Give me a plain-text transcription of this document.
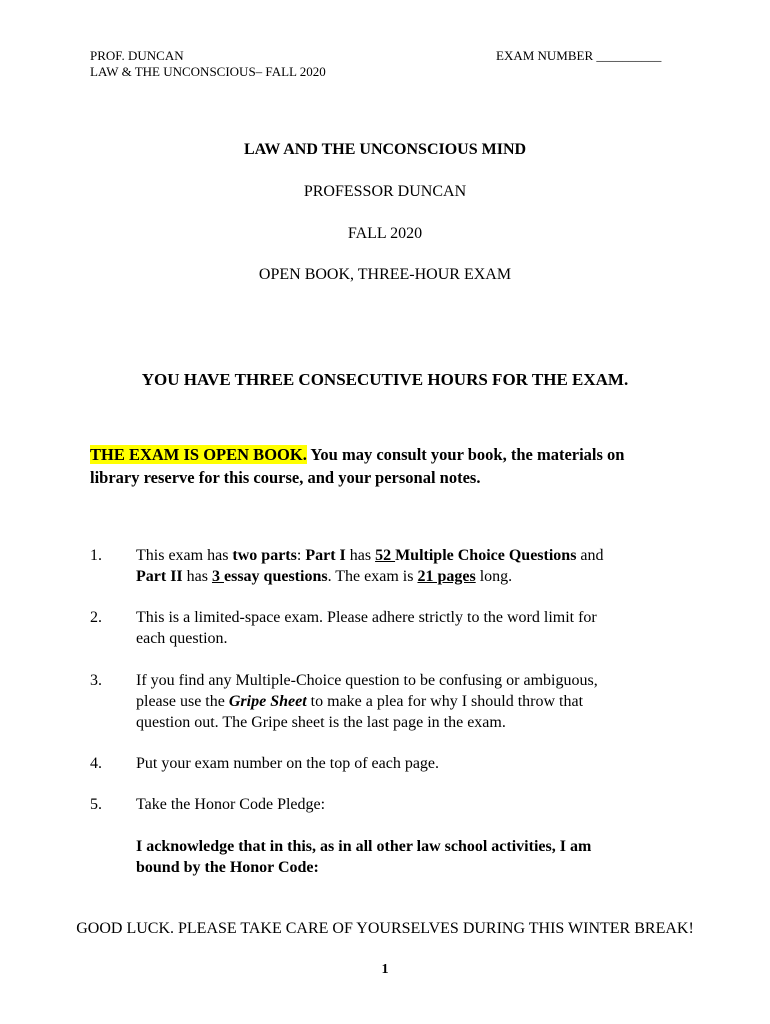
PROF. DUNCAN
LAW & THE UNCONSCIOUS– FALL 2020
EXAM NUMBER __________
LAW AND THE UNCONSCIOUS MIND
PROFESSOR DUNCAN
FALL 2020
OPEN BOOK, THREE-HOUR EXAM
YOU HAVE THREE CONSECUTIVE HOURS FOR THE EXAM.
THE EXAM IS OPEN BOOK. You may consult your book, the materials on
library reserve for this course, and your personal notes.
1. This exam has two parts: Part I has 52 Multiple Choice Questions and
Part II has 3 essay questions. The exam is 21 pages long.
2. This is a limited-space exam. Please adhere strictly to the word limit for
each question.
3. If you find any Multiple-Choice question to be confusing or ambiguous,
please use the Gripe Sheet to make a plea for why I should throw that
question out. The Gripe sheet is the last page in the exam.
4. Put your exam number on the top of each page.
5. Take the Honor Code Pledge:
I acknowledge that in this, as in all other law school activities, I am
bound by the Honor Code:
GOOD LUCK. PLEASE TAKE CARE OF YOURSELVES DURING THIS WINTER BREAK!
1
